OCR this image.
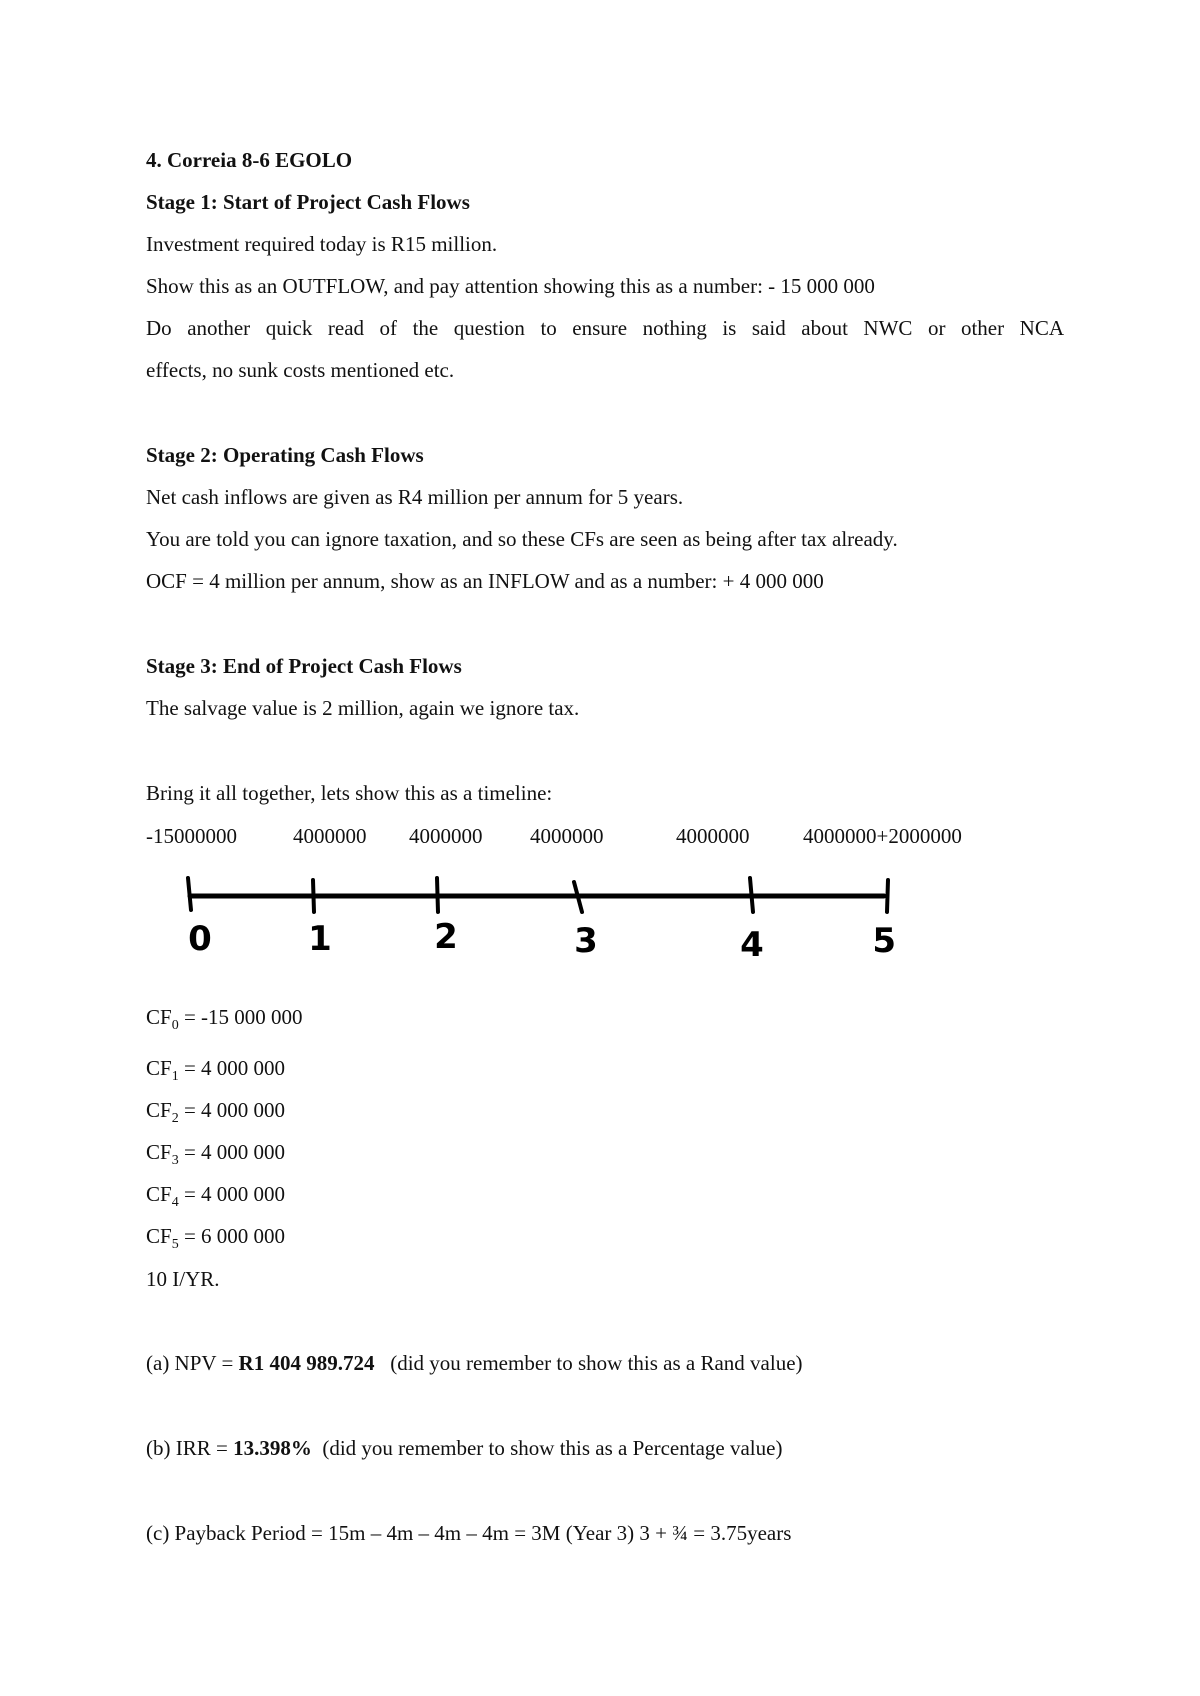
4. Correia 8-6 EGOLO
Stage 1: Start of Project Cash Flows
Investment required today is R15 million.
Show this as an OUTFLOW, and pay attention showing this as a number: - 15 000 000
Do another quick read of the question to ensure nothing is said about NWC or other NCA
effects, no sunk costs mentioned etc.
Stage 2: Operating Cash Flows
Net cash inflows are given as R4 million per annum for 5 years.
You are told you can ignore taxation, and so these CFs are seen as being after tax already.
OCF = 4 million per annum, show as an INFLOW and as a number: + 4 000 000
Stage 3: End of Project Cash Flows
The salvage value is 2 million, again we ignore tax.
Bring it all together, lets show this as a timeline:
-15000000	4000000 4000000 4000000	4000000	4000000+2000000
0	1	2	3	4	5
$CF_0 = -15$ 000 000
$CF_1 = 4$ 000 000
$CF_2 = 4$ 000 000
$CF_3 = 4$ 000 000
$CF_4 = 4$ 000 000
$CF_5 = 6$ 000 000
10 I/YR.
(a) NPV = R1 404 989.724   (did you remember to show this as a Rand value)
(b) IRR = 13.398%  (did you remember to show this as a Percentage value)
(c) Payback Period = 15m – 4m – 4m – 4m = 3M (Year 3) 3 + ¾ = 3.75years
